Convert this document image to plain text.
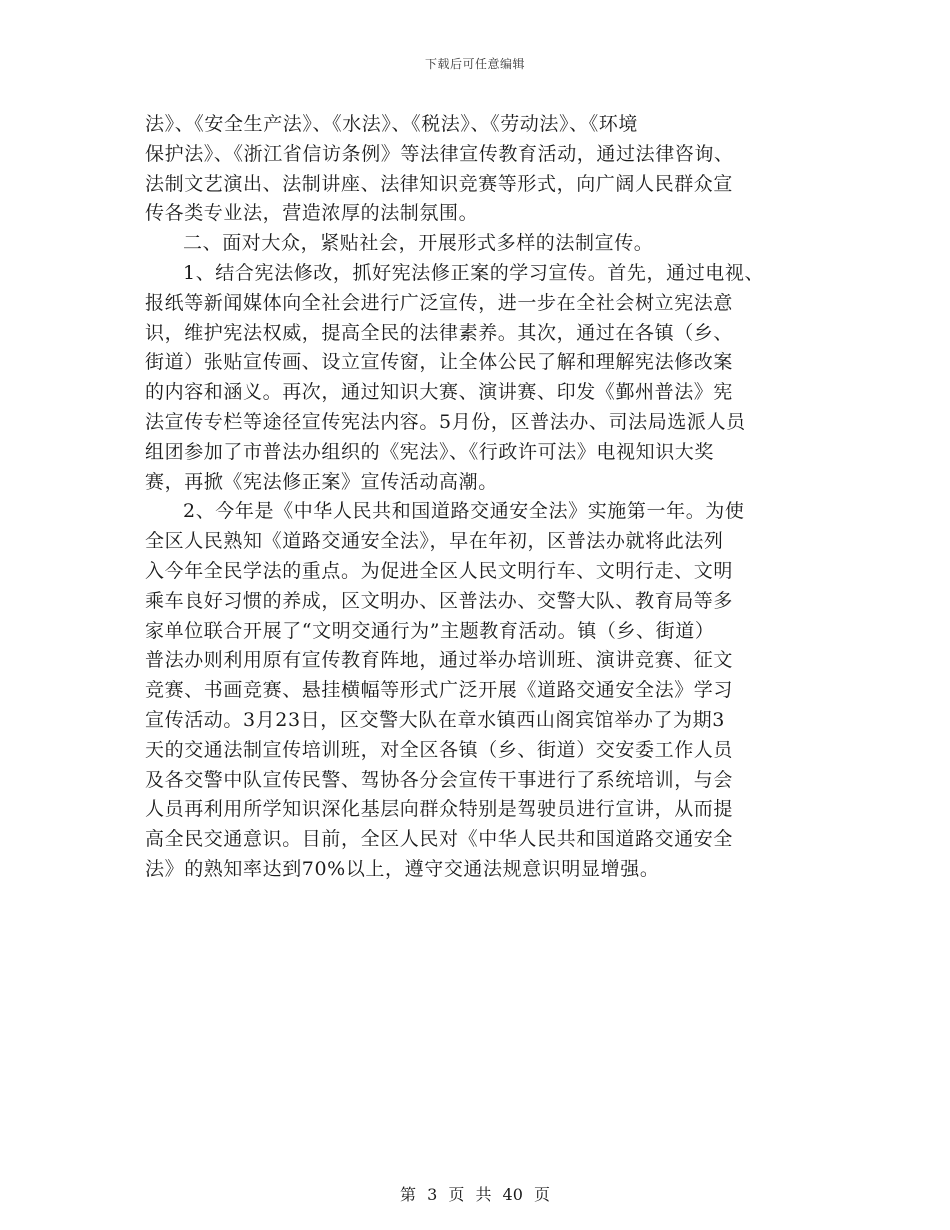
下载后可任意编辑
法》、《安全生产法》、《水法》、《税法》、《劳动法》、《环境
保护法》、《浙江省信访条例》等法律宣传教育活动，通过法律咨询、
法制文艺演出、法制讲座、法律知识竞赛等形式，向广阔人民群众宣
传各类专业法，营造浓厚的法制氛围。
二、面对大众，紧贴社会，开展形式多样的法制宣传。
1、结合宪法修改，抓好宪法修正案的学习宣传。首先，通过电视、
报纸等新闻媒体向全社会进行广泛宣传，进一步在全社会树立宪法意
识，维护宪法权威，提高全民的法律素养。其次，通过在各镇（乡、
街道）张贴宣传画、设立宣传窗，让全体公民了解和理解宪法修改案
的内容和涵义。再次，通过知识大赛、演讲赛、印发《鄞州普法》宪
法宣传专栏等途径宣传宪法内容。5月份，区普法办、司法局选派人员
组团参加了市普法办组织的《宪法》、《行政许可法》电视知识大奖
赛，再掀《宪法修正案》宣传活动高潮。
2、今年是《中华人民共和国道路交通安全法》实施第一年。为使
全区人民熟知《道路交通安全法》，早在年初，区普法办就将此法列
入今年全民学法的重点。为促进全区人民文明行车、文明行走、文明
乘车良好习惯的养成，区文明办、区普法办、交警大队、教育局等多
家单位联合开展了“文明交通行为”主题教育活动。镇（乡、街道）
普法办则利用原有宣传教育阵地，通过举办培训班、演讲竞赛、征文
竞赛、书画竞赛、悬挂横幅等形式广泛开展《道路交通安全法》学习
宣传活动。3月23日，区交警大队在章水镇西山阁宾馆举办了为期3
天的交通法制宣传培训班，对全区各镇（乡、街道）交安委工作人员
及各交警中队宣传民警、驾协各分会宣传干事进行了系统培训，与会
人员再利用所学知识深化基层向群众特别是驾驶员进行宣讲，从而提
高全民交通意识。目前，全区人民对《中华人民共和国道路交通安全
法》的熟知率达到70%以上，遵守交通法规意识明显增强。
第 3 页 共 40 页
